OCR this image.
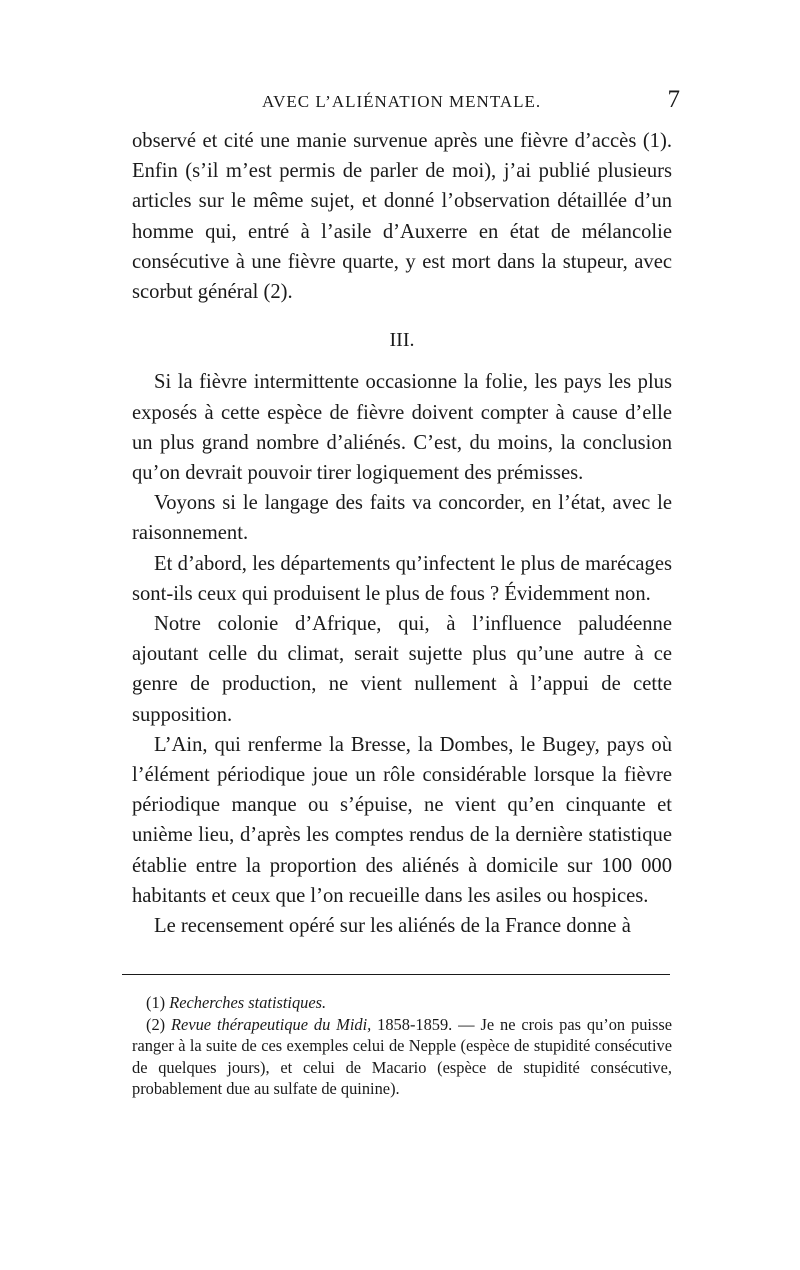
AVEC L’ALIÉNATION MENTALE.	7

observé et cité une manie survenue après une fièvre d’accès (1). Enfin (s’il m’est permis de parler de moi), j’ai publié plusieurs articles sur le même sujet, et donné l’observation détaillée d’un homme qui, entré à l’asile d’Auxerre en état de mélancolie consécutive à une fièvre quarte, y est mort dans la stupeur, avec scorbut général (2).

III.

Si la fièvre intermittente occasionne la folie, les pays les plus exposés à cette espèce de fièvre doivent compter à cause d’elle un plus grand nombre d’aliénés. C’est, du moins, la conclusion qu’on devrait pouvoir tirer logiquement des prémisses.

Voyons si le langage des faits va concorder, en l’état, avec le raisonnement.

Et d’abord, les départements qu’infectent le plus de marécages sont-ils ceux qui produisent le plus de fous ? Évidemment non.

Notre colonie d’Afrique, qui, à l’influence paludéenne ajoutant celle du climat, serait sujette plus qu’une autre à ce genre de production, ne vient nullement à l’appui de cette supposition.

L’Ain, qui renferme la Bresse, la Dombes, le Bugey, pays où l’élément périodique joue un rôle considérable lorsque la fièvre périodique manque ou s’épuise, ne vient qu’en cinquante et unième lieu, d’après les comptes rendus de la dernière statistique établie entre la proportion des aliénés à domicile sur 100 000 habitants et ceux que l’on recueille dans les asiles ou hospices.

Le recensement opéré sur les aliénés de la France donne à

(1) Recherches statistiques.

(2) Revue thérapeutique du Midi, 1858-1859. — Je ne crois pas qu’on puisse ranger à la suite de ces exemples celui de Nepple (espèce de stupidité consécutive de quelques jours), et celui de Macario (espèce de stupidité consécutive, probablement due au sulfate de quinine).
